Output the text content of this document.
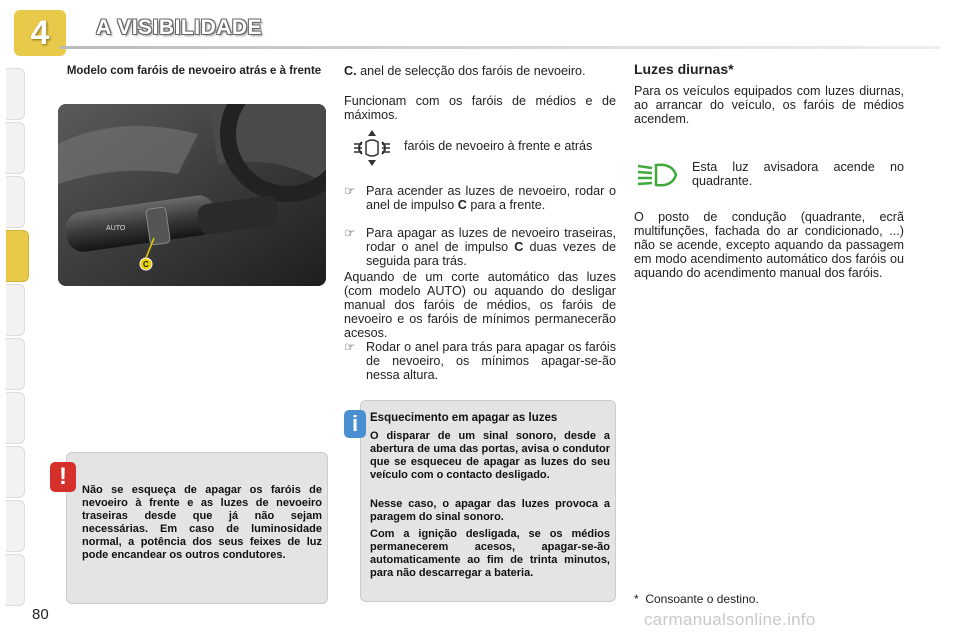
4	A VISIBILIDADE
Modelo com faróis de nevoeiro atrás e à frente
C
AUTO
!	Não se esqueça de apagar os faróis de nevoeiro à frente e as luzes de nevoeiro traseiras desde que já não sejam necessárias. Em caso de luminosidade normal, a potência dos seus feixes de luz pode encandear os outros condutores.
C. anel de selecção dos faróis de nevoeiro.
Funcionam com os faróis de médios e de máximos.
faróis de nevoeiro à frente e atrás
☞ Para acender as luzes de nevoeiro, rodar o anel de impulso C para a frente.
☞ Para apagar as luzes de nevoeiro traseiras, rodar o anel de impulso C duas vezes de seguida para trás.
Aquando de um corte automático das luzes (com modelo AUTO) ou aquando do desligar manual dos faróis de médios, os faróis de nevoeiro e os faróis de mínimos permanecerão acesos.
☞ Rodar o anel para trás para apagar os faróis de nevoeiro, os mínimos apagar-se-ão nessa altura.
i	Esquecimento em apagar as luzes
O disparar de um sinal sonoro, desde a abertura de uma das portas, avisa o condutor que se esqueceu de apagar as luzes do seu veículo com o contacto desligado.
Nesse caso, o apagar das luzes provoca a paragem do sinal sonoro.
Com a ignição desligada, se os médios permanecerem acesos, apagar-se-ão automaticamente ao fim de trinta minutos, para não descarregar a bateria.
Luzes diurnas*
Para os veículos equipados com luzes diurnas, ao arrancar do veículo, os faróis de médios acendem.
Esta luz avisadora acende no quadrante.
O posto de condução (quadrante, ecrã multifunções, fachada do ar condicionado, ...) não se acende, excepto aquando da passagem em modo acendimento automático dos faróis ou aquando do acendimento manual dos faróis.
* Consoante o destino.
80	carmanualsonline.info
